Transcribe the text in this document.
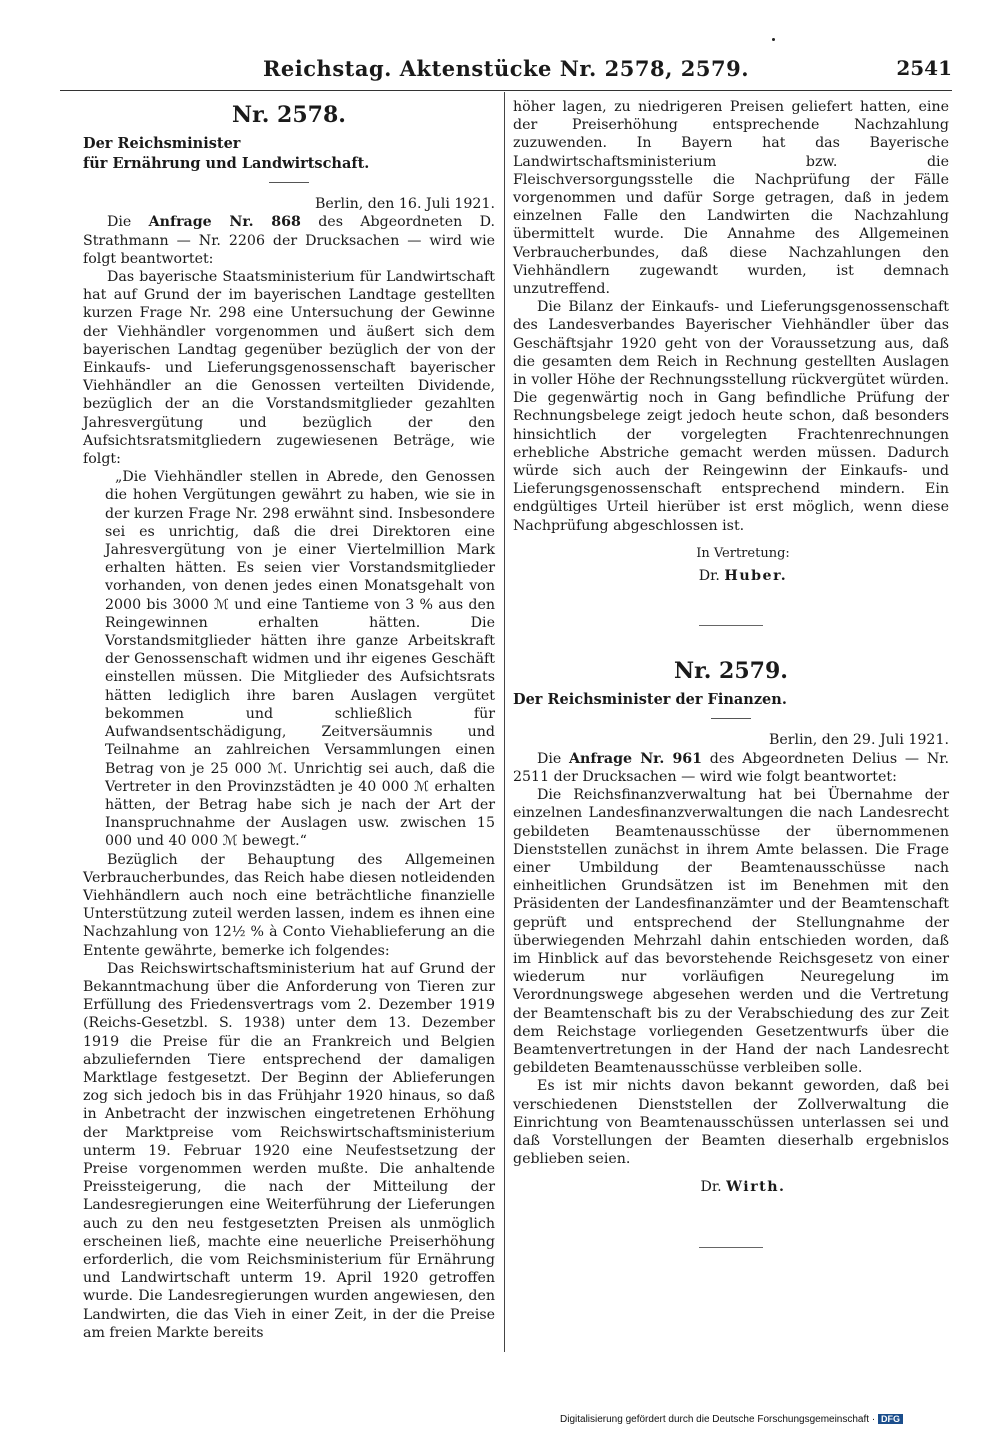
Reichstag. Aktenstücke Nr. 2578, 2579.	2541
Nr. 2578.
Der Reichsminister
für Ernährung und Landwirtschaft.

Berlin, den 16. Juli 1921.

Die Anfrage Nr. 868 des Abgeordneten D. Strathmann — Nr. 2206 der Drucksachen — wird wie folgt beantwortet:

Das bayerische Staatsministerium für Landwirtschaft hat auf Grund der im bayerischen Landtage gestellten kurzen Frage Nr. 298 eine Untersuchung der Gewinne der Viehhändler vorgenommen und äußert sich dem bayerischen Landtag gegenüber bezüglich der von der Einkaufs- und Lieferungsgenossenschaft bayerischer Viehhändler an die Genossen verteilten Dividende, bezüglich der an die Vorstandsmitglieder gezahlten Jahresvergütung und bezüglich der den Aufsichtsratsmitgliedern zugewiesenen Beträge, wie folgt:

„Die Viehhändler stellen in Abrede, den Genossen die hohen Vergütungen gewährt zu haben, wie sie in der kurzen Frage Nr. 298 erwähnt sind. Insbesondere sei es unrichtig, daß die drei Direktoren eine Jahresvergütung von je einer Viertelmillion Mark erhalten hätten. Es seien vier Vorstandsmitglieder vorhanden, von denen jedes einen Monatsgehalt von 2000 bis 3000 ℳ und eine Tantieme von 3 % aus den Reingewinnen erhalten hätten. Die Vorstandsmitglieder hätten ihre ganze Arbeitskraft der Genossenschaft widmen und ihr eigenes Geschäft einstellen müssen. Die Mitglieder des Aufsichtsrats hätten lediglich ihre baren Auslagen vergütet bekommen und schließlich für Aufwandsentschädigung, Zeitversäumnis und Teilnahme an zahlreichen Versammlungen einen Betrag von je 25 000 ℳ. Unrichtig sei auch, daß die Vertreter in den Provinzstädten je 40 000 ℳ erhalten hätten, der Betrag habe sich je nach der Art der Inanspruchnahme der Auslagen usw. zwischen 15 000 und 40 000 ℳ bewegt.“

Bezüglich der Behauptung des Allgemeinen Verbraucherbundes, das Reich habe diesen notleidenden Viehhändlern auch noch eine beträchtliche finanzielle Unterstützung zuteil werden lassen, indem es ihnen eine Nachzahlung von 12½ % à Conto Viehablieferung an die Entente gewährte, bemerke ich folgendes:

Das Reichswirtschaftsministerium hat auf Grund der Bekanntmachung über die Anforderung von Tieren zur Erfüllung des Friedensvertrags vom 2. Dezember 1919 (Reichs-Gesetzbl. S. 1938) unter dem 13. Dezember 1919 die Preise für die an Frankreich und Belgien abzuliefernden Tiere entsprechend der damaligen Marktlage festgesetzt. Der Beginn der Ablieferungen zog sich jedoch bis in das Frühjahr 1920 hinaus, so daß in Anbetracht der inzwischen eingetretenen Erhöhung der Marktpreise vom Reichswirtschaftsministerium unterm 19. Februar 1920 eine Neufestsetzung der Preise vorgenommen werden mußte. Die anhaltende Preissteigerung, die nach der Mitteilung der Landesregierungen eine Weiterführung der Lieferungen auch zu den neu festgesetzten Preisen als unmöglich erscheinen ließ, machte eine neuerliche Preiserhöhung erforderlich, die vom Reichsministerium für Ernährung und Landwirtschaft unterm 19. April 1920 getroffen wurde. Die Landesregierungen wurden angewiesen, den Landwirten, die das Vieh in einer Zeit, in der die Preise am freien Markte bereits

höher lagen, zu niedrigeren Preisen geliefert hatten, eine der Preiserhöhung entsprechende Nachzahlung zuzuwenden. In Bayern hat das Bayerische Landwirtschaftsministerium bzw. die Fleischversorgungsstelle die Nachprüfung der Fälle vorgenommen und dafür Sorge getragen, daß in jedem einzelnen Falle den Landwirten die Nachzahlung übermittelt wurde. Die Annahme des Allgemeinen Verbraucherbundes, daß diese Nachzahlungen den Viehhändlern zugewandt wurden, ist demnach unzutreffend.

Die Bilanz der Einkaufs- und Lieferungsgenossenschaft des Landesverbandes Bayerischer Viehhändler über das Geschäftsjahr 1920 geht von der Voraussetzung aus, daß die gesamten dem Reich in Rechnung gestellten Auslagen in voller Höhe der Rechnungsstellung rückvergütet würden. Die gegenwärtig noch in Gang befindliche Prüfung der Rechnungsbelege zeigt jedoch heute schon, daß besonders hinsichtlich der vorgelegten Frachtenrechnungen erhebliche Abstriche gemacht werden müssen. Dadurch würde sich auch der Reingewinn der Einkaufs- und Lieferungsgenossenschaft entsprechend mindern. Ein endgültiges Urteil hierüber ist erst möglich, wenn diese Nachprüfung abgeschlossen ist.

In Vertretung:

Dr. Huber.

Nr. 2579.
Der Reichsminister der Finanzen.

Berlin, den 29. Juli 1921.

Die Anfrage Nr. 961 des Abgeordneten Delius — Nr. 2511 der Drucksachen — wird wie folgt beantwortet:

Die Reichsfinanzverwaltung hat bei Übernahme der einzelnen Landesfinanzverwaltungen die nach Landesrecht gebildeten Beamtenausschüsse der übernommenen Dienststellen zunächst in ihrem Amte belassen. Die Frage einer Umbildung der Beamtenausschüsse nach einheitlichen Grundsätzen ist im Benehmen mit den Präsidenten der Landesfinanzämter und der Beamtenschaft geprüft und entsprechend der Stellungnahme der überwiegenden Mehrzahl dahin entschieden worden, daß im Hinblick auf das bevorstehende Reichsgesetz von einer wiederum nur vorläufigen Neuregelung im Verordnungswege abgesehen werden und die Vertretung der Beamtenschaft bis zu der Verabschiedung des zur Zeit dem Reichstage vorliegenden Gesetzentwurfs über die Beamtenvertretungen in der Hand der nach Landesrecht gebildeten Beamtenausschüsse verbleiben solle.

Es ist mir nichts davon bekannt geworden, daß bei verschiedenen Dienststellen der Zollverwaltung die Einrichtung von Beamtenausschüssen unterlassen sei und daß Vorstellungen der Beamten dieserhalb ergebnislos geblieben seien.

Dr. Wirth.

Digitalisierung gefördert durch die Deutsche Forschungsgemeinschaft · DFG
